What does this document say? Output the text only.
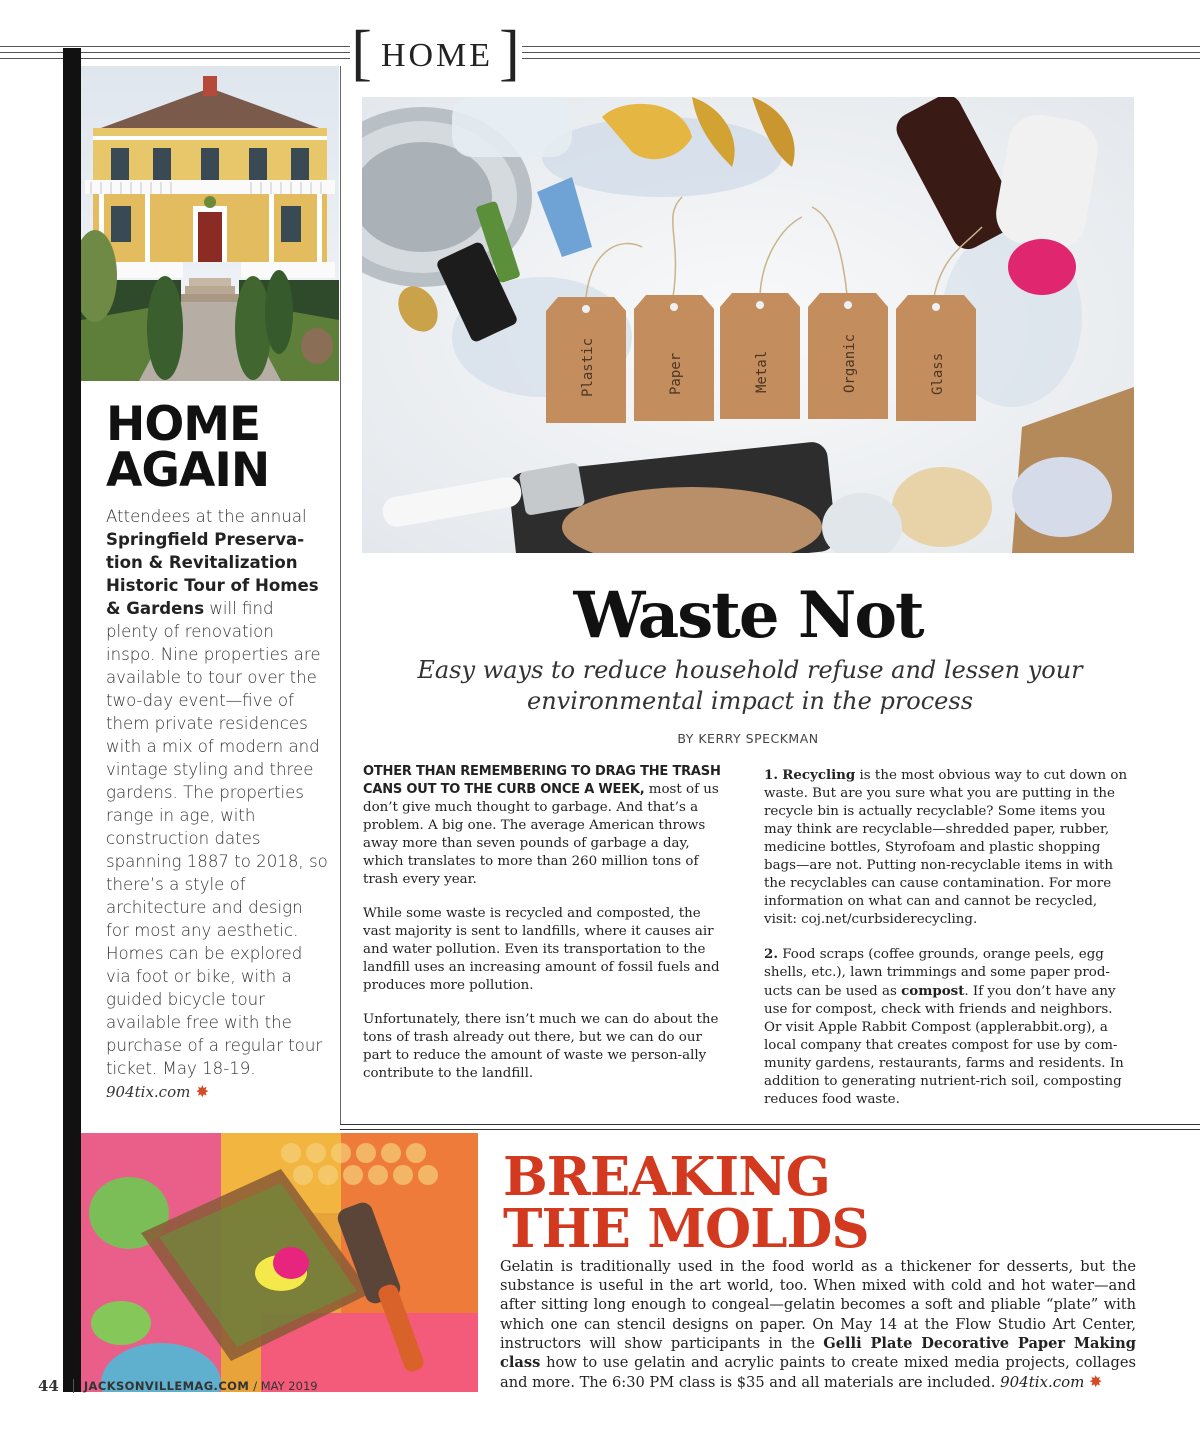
[ HOME ]
HOME
AGAIN
Attendees at the annual Springfield Preserva-tion & Revitalization Historic Tour of Homes & Gardens will find plenty of renovation inspo. Nine properties are available to tour over the two-day event—five of them private residences with a mix of modern and vintage styling and three gardens. The properties range in age, with construction dates spanning 1887 to 2018, so there’s a style of architecture and design for most any aesthetic. Homes can be explored via foot or bike, with a guided bicycle tour available free with the purchase of a regular tour ticket. May 18-19.
904tix.com ✸
Plastic	Paper	Metal	Organic	Glass
Waste Not
Easy ways to reduce household refuse and lessen your
environmental impact in the process
BY KERRY SPECKMAN

OTHER THAN REMEMBERING TO DRAG THE TRASH CANS OUT TO THE CURB ONCE A WEEK, most of us don’t give much thought to garbage. And that’s a problem. A big one. The average American throws away more than seven pounds of garbage a day, which translates to more than 260 million tons of trash every year.

While some waste is recycled and composted, the vast majority is sent to landfills, where it causes air and water pollution. Even its transportation to the landfill uses an increasing amount of fossil fuels and produces more pollution.

Unfortunately, there isn’t much we can do about the tons of trash already out there, but we can do our part to reduce the amount of waste we person-ally contribute to the landfill.

1. Recycling is the most obvious way to cut down on waste. But are you sure what you are putting in the recycle bin is actually recyclable? Some items you may think are recyclable—shredded paper, rubber, medicine bottles, Styrofoam and plastic shopping bags—are not. Putting non-recyclable items in with the recyclables can cause contamination. For more information on what can and cannot be recycled, visit: coj.net/curbsiderecycling.

2. Food scraps (coffee grounds, orange peels, egg shells, etc.), lawn trimmings and some paper prod-ucts can be used as compost. If you don’t have any use for compost, check with friends and neighbors. Or visit Apple Rabbit Compost (applerabbit.org), a local company that creates compost for use by com-munity gardens, restaurants, farms and residents. In addition to generating nutrient-rich soil, composting reduces food waste.

BREAKING
THE MOLDS
Gelatin is traditionally used in the food world as a thickener for desserts, but the substance is useful in the art world, too. When mixed with cold and hot water—and after sitting long enough to congeal—gelatin becomes a soft and pliable “plate” with which one can stencil designs on paper. On May 14 at the Flow Studio Art Center, instructors will show participants in the Gelli Plate Decorative Paper Making class how to use gelatin and acrylic paints to create mixed media projects, collages and more. The 6:30 PM class is $35 and all materials are included. 904tix.com ✸
44 JACKSONVILLEMAG.COM / MAY 2019
